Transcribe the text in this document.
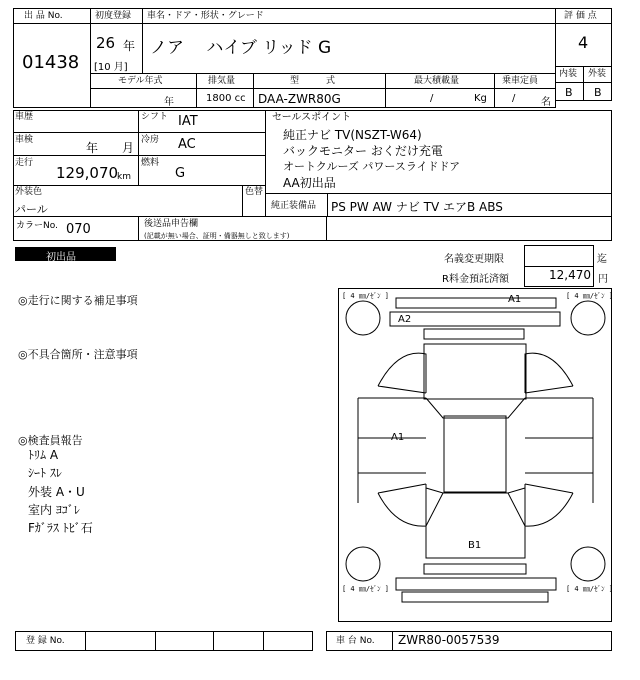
出 品 No.
01438
初度登録 車名・ドア・形状・グレード
26 年
[10 月]
ノア　 ハイブ リッド G
評 価 点
4
内装 外装
B B
モデル年式	排気量	型　　　式	最大積載量	乗車定員
年	1800 cc DAA-ZWR80G	/	Kg	/	名
車歴	シフト IAT
車検
年 月
冷房 AC
走行
129,070
km
燃料
G
セールスポイント
純正ナビ TV(NSZT-W64)
バックモニター おくだけ充電
オートクルーズ パワースライドドア
AA初出品
外装色
パール
色替
純正装備品 PS PW AW ナビ TV エアB ABS
カラーNo. 070	後送品申告欄
(記載が無い場合、証明・備器無しと致します)
初出品	名義変更期限	迄
R料金預託済額	12,470 円
◎走行に関する補足事項
◎不具合箇所・注意事項
◎検査員報告
ﾄﾘﾑ A
ｼｰﾄ ｽﾚ
外装 A・U
室内 ﾖｺﾞﾚ
Fｶﾞﾗｽ ﾄﾋﾞ石
[ 4 ㎜/ｾﾞﾝ ]	[ 4 ㎜/ｾﾞﾝ ]
[ 4 ㎜/ｾﾞﾝ ]	[ 4 ㎜/ｾﾞﾝ ]
A1
A2
A1
B1
登 録 No.	車 台 No. ZWR80-0057539
